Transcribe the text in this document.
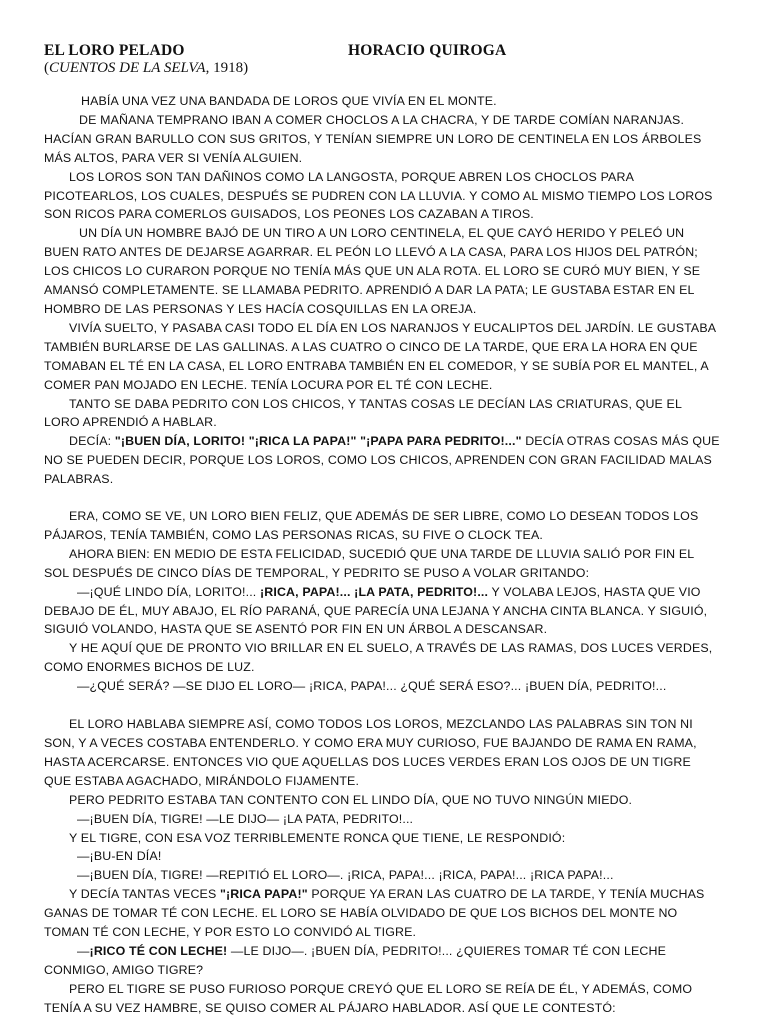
EL LORO PELADO	HORACIO QUIROGA
(CUENTOS DE LA SELVA, 1918)

HABÍA UNA VEZ UNA BANDADA DE LOROS QUE VIVÍA EN EL MONTE.

DE MAÑANA TEMPRANO IBAN A COMER CHOCLOS A LA CHACRA, Y DE TARDE COMÍAN NARANJAS. HACÍAN GRAN BARULLO CON SUS GRITOS, Y TENÍAN SIEMPRE UN LORO DE CENTINELA EN LOS ÁRBOLES MÁS ALTOS, PARA VER SI VENÍA ALGUIEN.

LOS LOROS SON TAN DAÑINOS COMO LA LANGOSTA, PORQUE ABREN LOS CHOCLOS PARA PICOTEARLOS, LOS CUALES, DESPUÉS SE PUDREN CON LA LLUVIA. Y COMO AL MISMO TIEMPO LOS LOROS SON RICOS PARA COMERLOS GUISADOS, LOS PEONES LOS CAZABAN A TIROS.

UN DÍA UN HOMBRE BAJÓ DE UN TIRO A UN LORO CENTINELA, EL QUE CAYÓ HERIDO Y PELEÓ UN BUEN RATO ANTES DE DEJARSE AGARRAR. EL PEÓN LO LLEVÓ A LA CASA, PARA LOS HIJOS DEL PATRÓN; LOS CHICOS LO CURARON PORQUE NO TENÍA MÁS QUE UN ALA ROTA. EL LORO SE CURÓ MUY BIEN, Y SE AMANSÓ COMPLETAMENTE. SE LLAMABA PEDRITO. APRENDIÓ A DAR LA PATA; LE GUSTABA ESTAR EN EL HOMBRO DE LAS PERSONAS Y LES HACÍA COSQUILLAS EN LA OREJA.

VIVÍA SUELTO, Y PASABA CASI TODO EL DÍA EN LOS NARANJOS Y EUCALIPTOS DEL JARDÍN. LE GUSTABA TAMBIÉN BURLARSE DE LAS GALLINAS. A LAS CUATRO O CINCO DE LA TARDE, QUE ERA LA HORA EN QUE TOMABAN EL TÉ EN LA CASA, EL LORO ENTRABA TAMBIÉN EN EL COMEDOR, Y SE SUBÍA POR EL MANTEL, A COMER PAN MOJADO EN LECHE. TENÍA LOCURA POR EL TÉ CON LECHE.

TANTO SE DABA PEDRITO CON LOS CHICOS, Y TANTAS COSAS LE DECÍAN LAS CRIATURAS, QUE EL LORO APRENDIÓ A HABLAR.

DECÍA: "¡BUEN DÍA, LORITO! "¡RICA LA PAPA!" "¡PAPA PARA PEDRITO!..." DECÍA OTRAS COSAS MÁS QUE NO SE PUEDEN DECIR, PORQUE LOS LOROS, COMO LOS CHICOS, APRENDEN CON GRAN FACILIDAD MALAS PALABRAS.

ERA, COMO SE VE, UN LORO BIEN FELIZ, QUE ADEMÁS DE SER LIBRE, COMO LO DESEAN TODOS LOS PÁJAROS, TENÍA TAMBIÉN, COMO LAS PERSONAS RICAS, SU FIVE O CLOCK TEA.

AHORA BIEN: EN MEDIO DE ESTA FELICIDAD, SUCEDIÓ QUE UNA TARDE DE LLUVIA SALIÓ POR FIN EL SOL DESPUÉS DE CINCO DÍAS DE TEMPORAL, Y PEDRITO SE PUSO A VOLAR GRITANDO:

—¡QUÉ LINDO DÍA, LORITO!... ¡RICA, PAPA!... ¡LA PATA, PEDRITO!... Y VOLABA LEJOS, HASTA QUE VIO DEBAJO DE ÉL, MUY ABAJO, EL RÍO PARANÁ, QUE PARECÍA UNA LEJANA Y ANCHA CINTA BLANCA. Y SIGUIÓ, SIGUIÓ VOLANDO, HASTA QUE SE ASENTÓ POR FIN EN UN ÁRBOL A DESCANSAR.

Y HE AQUÍ QUE DE PRONTO VIO BRILLAR EN EL SUELO, A TRAVÉS DE LAS RAMAS, DOS LUCES VERDES, COMO ENORMES BICHOS DE LUZ.

—¿QUÉ SERÁ? —SE DIJO EL LORO— ¡RICA, PAPA!... ¿QUÉ SERÁ ESO?... ¡BUEN DÍA, PEDRITO!...

EL LORO HABLABA SIEMPRE ASÍ, COMO TODOS LOS LOROS, MEZCLANDO LAS PALABRAS SIN TON NI SON, Y A VECES COSTABA ENTENDERLO. Y COMO ERA MUY CURIOSO, FUE BAJANDO DE RAMA EN RAMA, HASTA ACERCARSE. ENTONCES VIO QUE AQUELLAS DOS LUCES VERDES ERAN LOS OJOS DE UN TIGRE QUE ESTABA AGACHADO, MIRÁNDOLO FIJAMENTE.

PERO PEDRITO ESTABA TAN CONTENTO CON EL LINDO DÍA, QUE NO TUVO NINGÚN MIEDO.

—¡BUEN DÍA, TIGRE! —LE DIJO— ¡LA PATA, PEDRITO!...

Y EL TIGRE, CON ESA VOZ TERRIBLEMENTE RONCA QUE TIENE, LE RESPONDIÓ:

—¡BU-EN DÍA!

—¡BUEN DÍA, TIGRE! —REPITIÓ EL LORO—. ¡RICA, PAPA!... ¡RICA, PAPA!... ¡RICA PAPA!...

Y DECÍA TANTAS VECES "¡RICA PAPA!" PORQUE YA ERAN LAS CUATRO DE LA TARDE, Y TENÍA MUCHAS GANAS DE TOMAR TÉ CON LECHE. EL LORO SE HABÍA OLVIDADO DE QUE LOS BICHOS DEL MONTE NO TOMAN TÉ CON LECHE, Y POR ESTO LO CONVIDÓ AL TIGRE.

—¡RICO TÉ CON LECHE! —LE DIJO—. ¡BUEN DÍA, PEDRITO!... ¿QUIERES TOMAR TÉ CON LECHE CONMIGO, AMIGO TIGRE?

PERO EL TIGRE SE PUSO FURIOSO PORQUE CREYÓ QUE EL LORO SE REÍA DE ÉL, Y ADEMÁS, COMO TENÍA A SU VEZ HAMBRE, SE QUISO COMER AL PÁJARO HABLADOR. ASÍ QUE LE CONTESTÓ:
